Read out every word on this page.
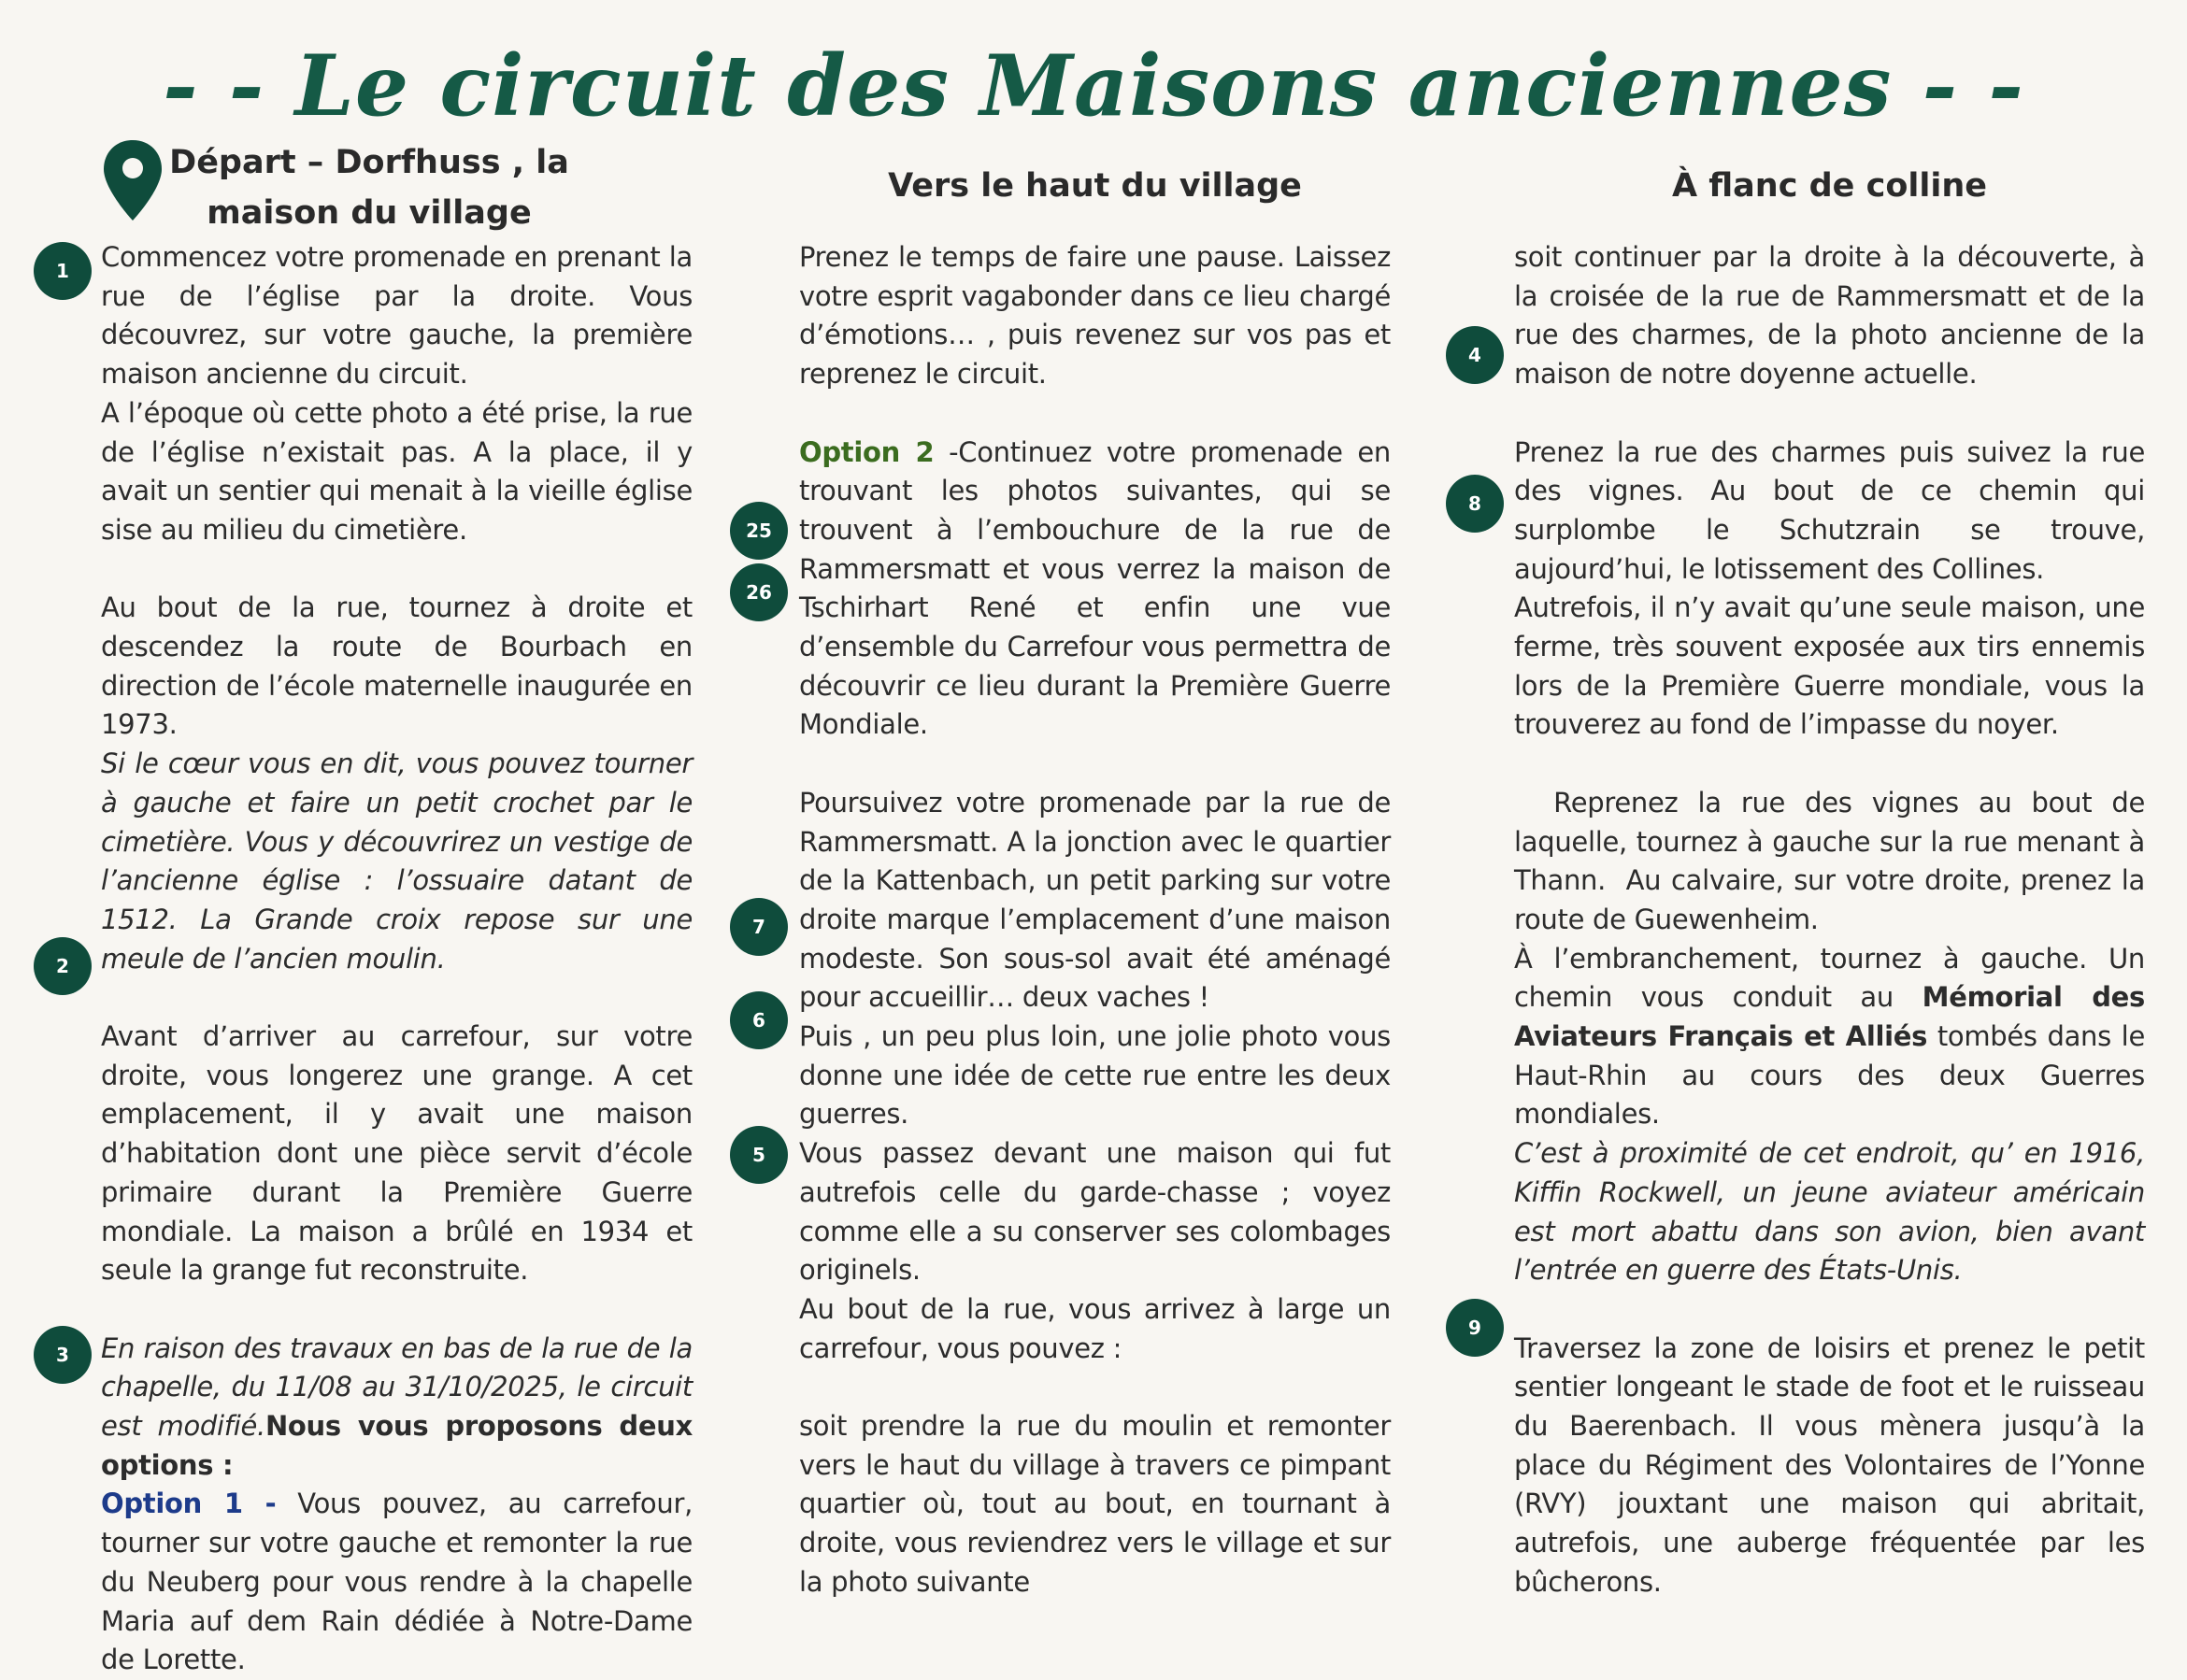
- - Le circuit des Maisons anciennes - -
Départ – Dorfhuss , la
maison du village
Vers le haut du village	À flanc de colline
1
2
3
25
26
7
6
5
4
8
9

Commencez votre promenade en prenant la rue de l’église par la droite. Vous découvrez, sur votre gauche, la première maison ancienne du circuit.

A l’époque où cette photo a été prise, la rue de l’église n’existait pas. A la place, il y avait un sentier qui menait à la vieille église sise au milieu du cimetière.

Au bout de la rue, tournez à droite et descendez la route de Bourbach en direction de l’école maternelle inaugurée en 1973.

Si le cœur vous en dit, vous pouvez tourner à gauche et faire un petit crochet par le cimetière. Vous y découvrirez un vestige de l’ancienne église : l’ossuaire datant de 1512. La Grande croix repose sur une meule de l’ancien moulin.

Avant d’arriver au carrefour, sur votre droite, vous longerez une grange. A cet emplacement, il y avait une maison d’habitation dont une pièce servit d’école primaire durant la Première Guerre mondiale. La maison a brûlé en 1934 et seule la grange fut reconstruite.

En raison des travaux en bas de la rue de la chapelle, du 11/08 au 31/10/2025, le circuit est modifié.Nous vous proposons deux options :

Option 1 - Vous pouvez, au carrefour, tourner sur votre gauche et remonter la rue du Neuberg pour vous rendre à la chapelle Maria auf dem Rain dédiée à Notre-Dame de Lorette.

Prenez le temps de faire une pause. Laissez votre esprit vagabonder dans ce lieu chargé d’émotions… , puis revenez sur vos pas et reprenez le circuit.

Option 2 -Continuez votre promenade en trouvant les photos suivantes, qui se trouvent à l’embouchure de la rue de Rammersmatt et vous verrez la maison de Tschirhart René et enfin une vue d’ensemble du Carrefour vous permettra de découvrir ce lieu durant la Première Guerre Mondiale.

Poursuivez votre promenade par la rue de Rammersmatt. A la jonction avec le quartier de la Kattenbach, un petit parking sur votre droite marque l’emplacement d’une maison modeste. Son sous-sol avait été aménagé pour accueillir… deux vaches !

Puis , un peu plus loin, une jolie photo vous donne une idée de cette rue entre les deux guerres.

Vous passez devant une maison qui fut autrefois celle du garde-chasse ; voyez comme elle a su conserver ses colombages originels.

Au bout de la rue, vous arrivez à large un carrefour, vous pouvez :

soit prendre la rue du moulin et remonter vers le haut du village à travers ce pimpant quartier où, tout au bout, en tournant à droite, vous reviendrez vers le village et sur la photo suivante

soit continuer par la droite à la découverte, à la croisée de la rue de Rammersmatt et de la rue des charmes, de la photo ancienne de la maison de notre doyenne actuelle.

Prenez la rue des charmes puis suivez la rue des vignes. Au bout de ce chemin qui surplombe le Schutzrain se trouve, aujourd’hui, le lotissement des Collines.

Autrefois, il n’y avait qu’une seule maison, une ferme, très souvent exposée aux tirs ennemis lors de la Première Guerre mondiale, vous la trouverez au fond de l’impasse du noyer.

Reprenez la rue des vignes au bout de laquelle, tournez à gauche sur la rue menant à Thann.  Au calvaire, sur votre droite, prenez la route de Guewenheim.

À l’embranchement, tournez à gauche. Un chemin vous conduit au Mémorial des Aviateurs Français et Alliés tombés dans le Haut-Rhin au cours des deux Guerres mondiales.

C’est à proximité de cet endroit, qu’ en 1916, Kiffin Rockwell, un jeune aviateur américain est mort abattu dans son avion, bien avant l’entrée en guerre des États-Unis.

Traversez la zone de loisirs et prenez le petit sentier longeant le stade de foot et le ruisseau du Baerenbach. Il vous mènera jusqu’à la place du Régiment des Volontaires de l’Yonne (RVY) jouxtant une maison qui abritait, autrefois, une auberge fréquentée par les bûcherons.
